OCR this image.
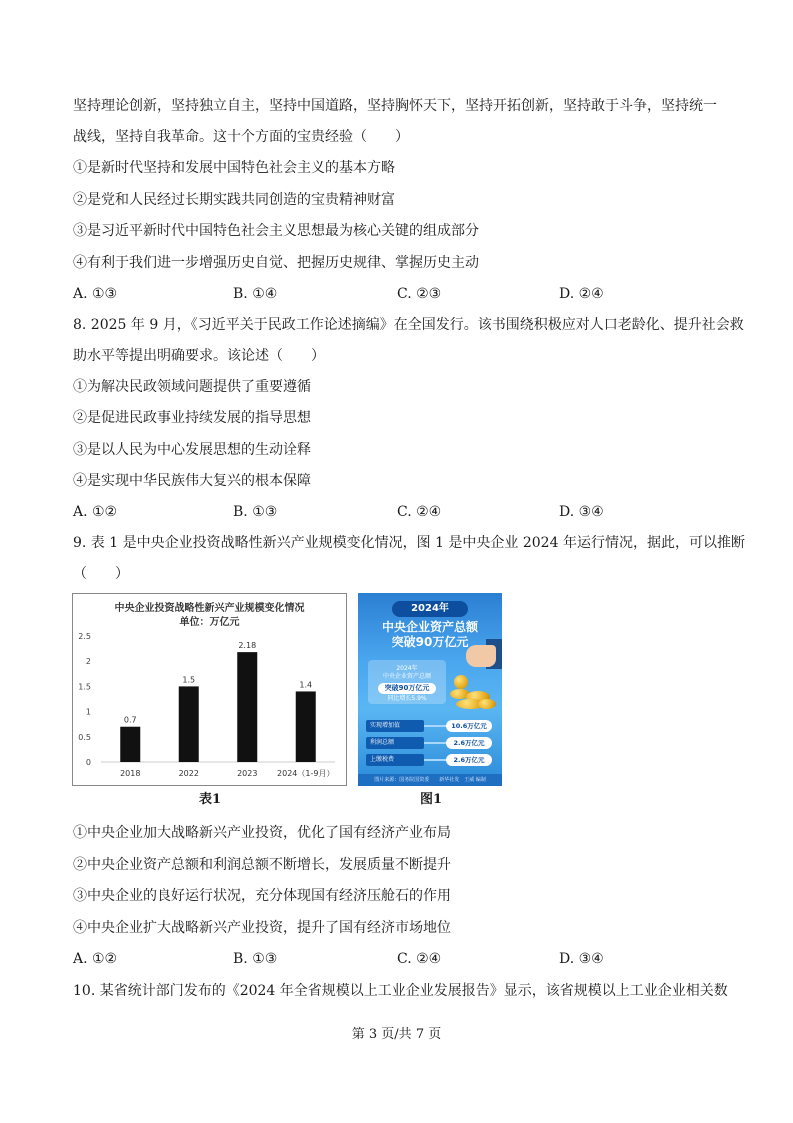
坚持理论创新，坚持独立自主，坚持中国道路，坚持胸怀天下，坚持开拓创新，坚持敢于斗争，坚持统一
战线，坚持自我革命。这十个方面的宝贵经验（　　）
①是新时代坚持和发展中国特色社会主义的基本方略
②是党和人民经过长期实践共同创造的宝贵精神财富
③是习近平新时代中国特色社会主义思想最为核心关键的组成部分
④有利于我们进一步增强历史自觉、把握历史规律、掌握历史主动
A. ①③	B. ①④	C. ②③	D. ②④
8. 2025 年 9 月，《习近平关于民政工作论述摘编》在全国发行。该书围绕积极应对人口老龄化、提升社会救
助水平等提出明确要求。该论述（　　）
①为解决民政领域问题提供了重要遵循
②是促进民政事业持续发展的指导思想
③是以人民为中心发展思想的生动诠释
④是实现中华民族伟大复兴的根本保障
A. ①②	B. ①③	C. ②④	D. ③④
9. 表 1 是中央企业投资战略性新兴产业规模变化情况，图 1 是中央企业 2024 年运行情况，据此，可以推断
（　　）
中央企业投资战略性新兴产业规模变化情况
单位：万亿元
0
0.5
1
1.5
2
2.5
0.7
2018
1.5
2022
2.18
2023
1.4
2024（1-9月）
表1
2024年
中央企业资产总额
突破90万亿元
2024年
中央企业资产总额
突破90万亿元
同比增长5.9%
实现增加值	10.6万亿元
利润总额	2.6万亿元
上缴税费	2.6万亿元
图片来源：国务院国资委　　新华社发　王威 编制
图1
①中央企业加大战略新兴产业投资，优化了国有经济产业布局
②中央企业资产总额和利润总额不断增长，发展质量不断提升
③中央企业的良好运行状况，充分体现国有经济压舱石的作用
④中央企业扩大战略新兴产业投资，提升了国有经济市场地位
A. ①②	B. ①③	C. ②④	D. ③④
10. 某省统计部门发布的《2024 年全省规模以上工业企业发展报告》显示，该省规模以上工业企业相关数
第 3 页/共 7 页
